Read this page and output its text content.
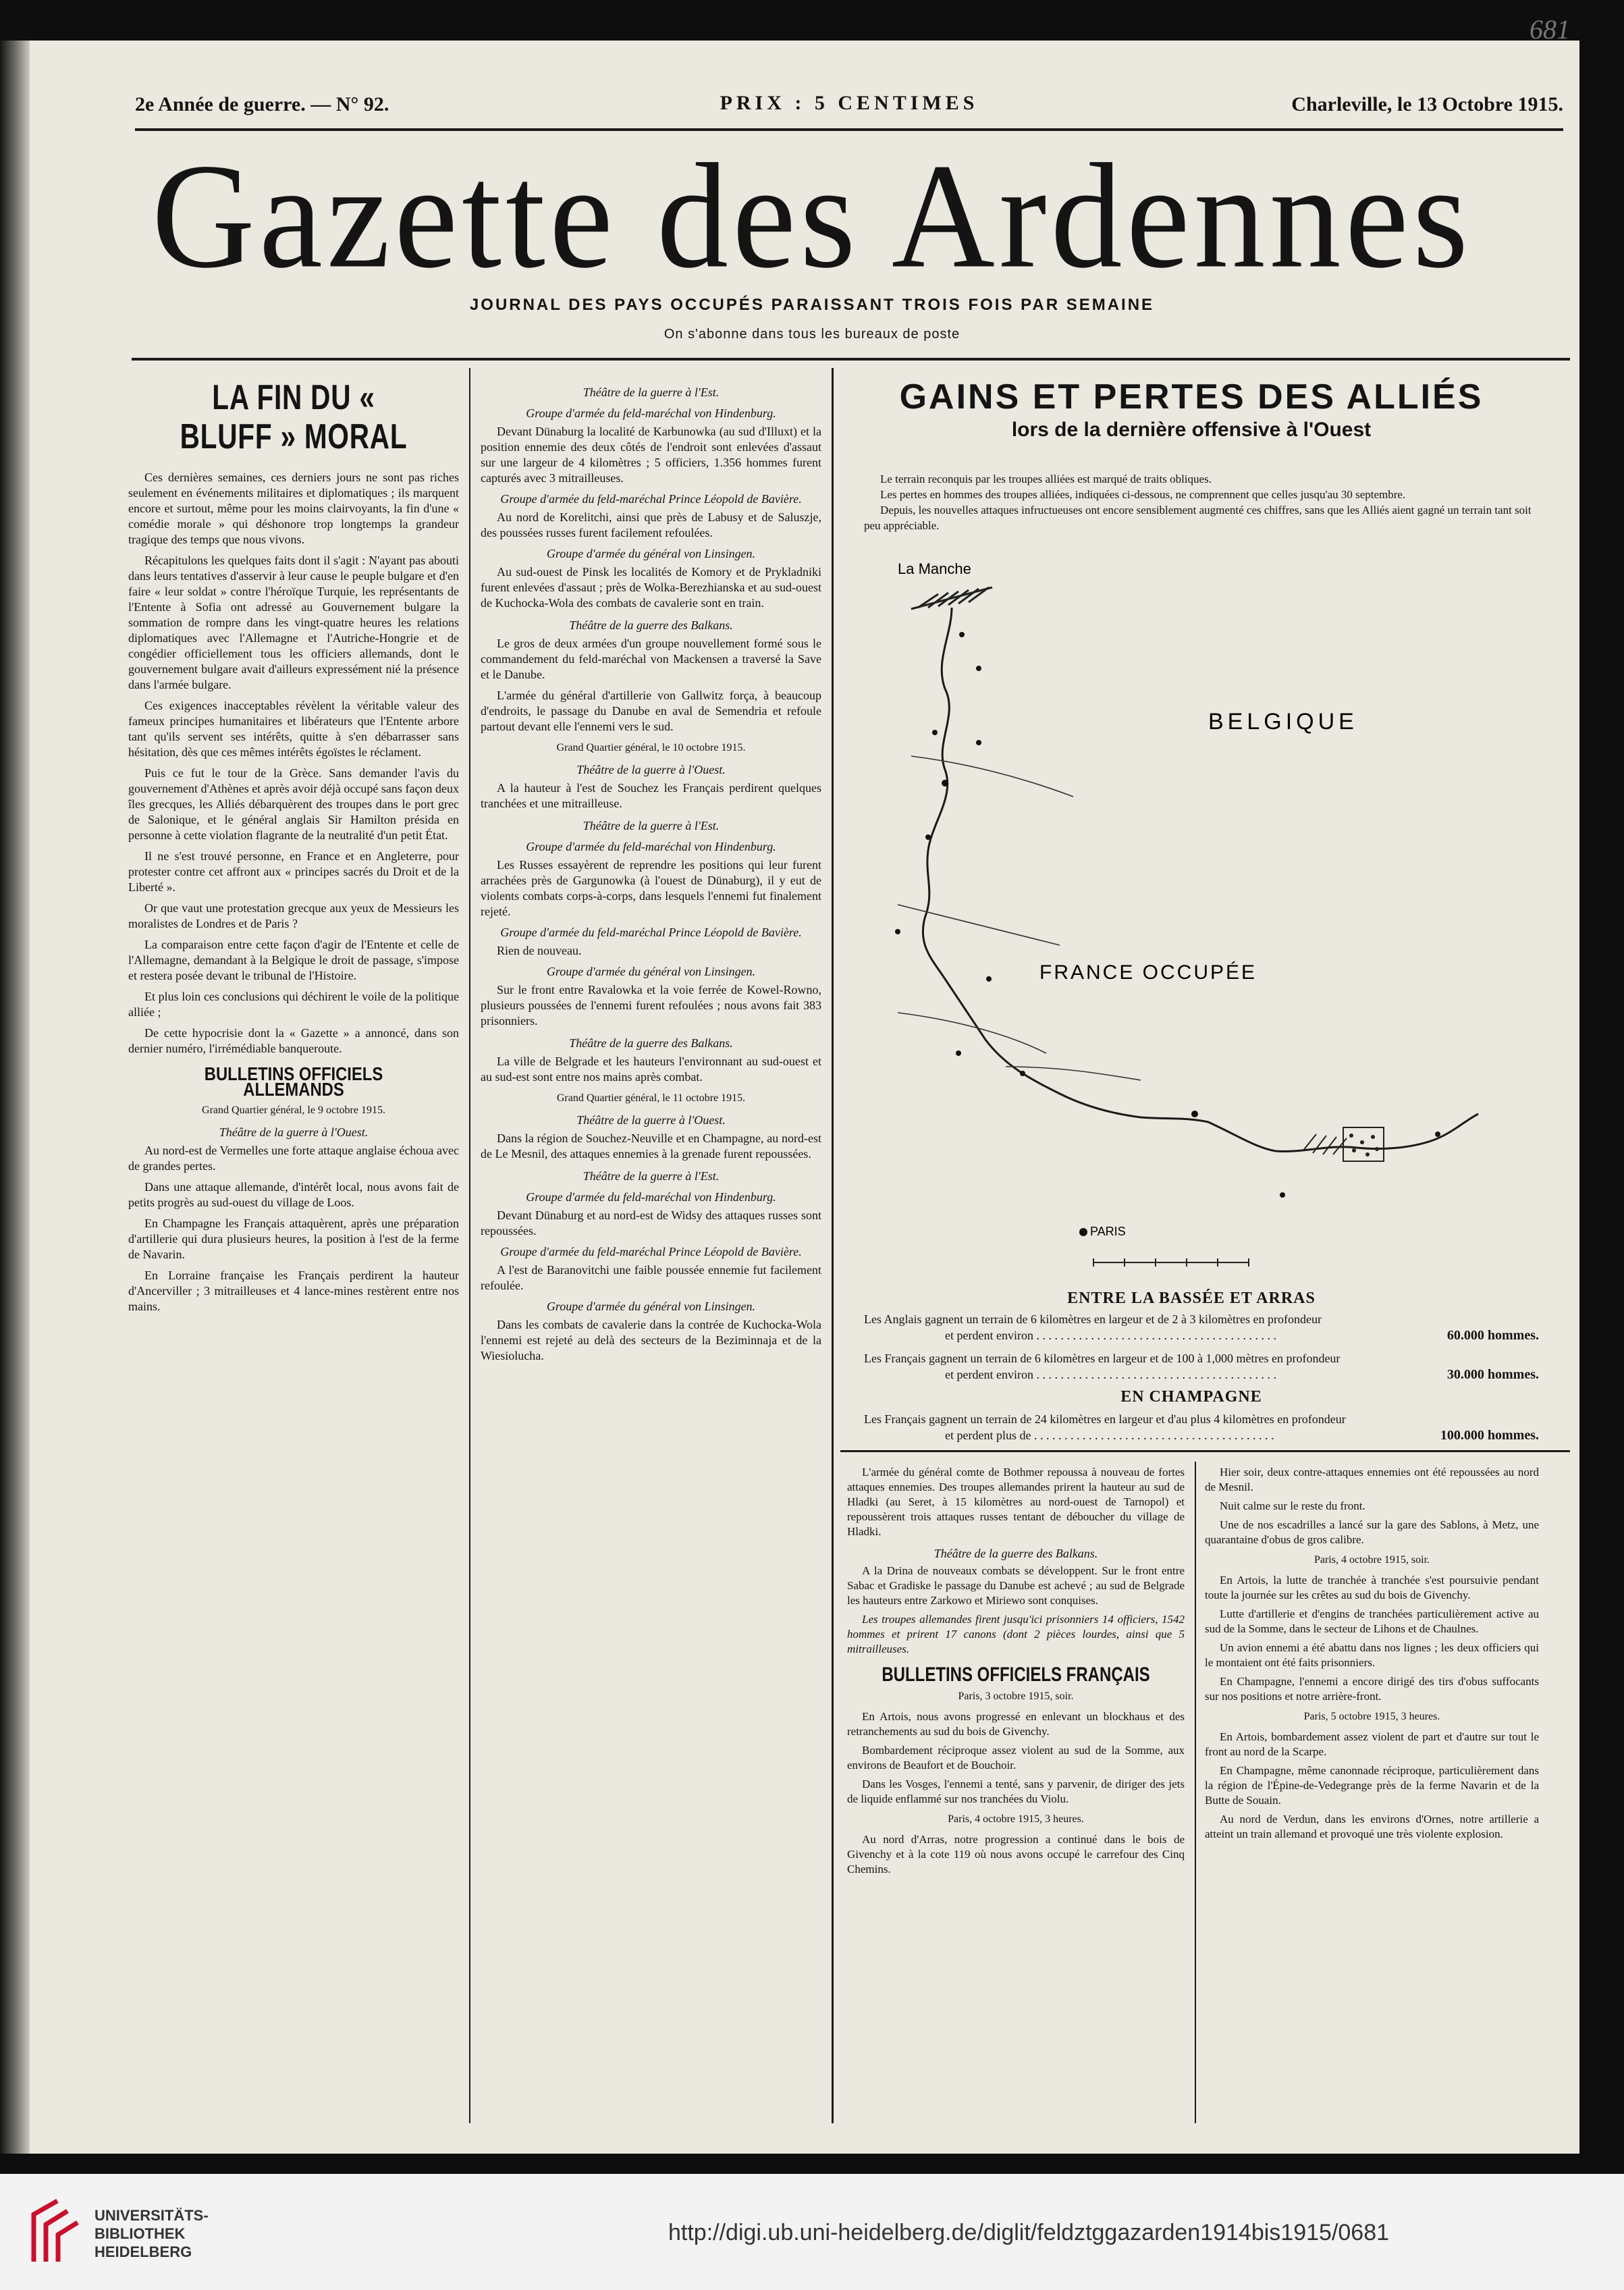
681
2e Année de guerre. — N° 92.	PRIX : 5 CENTIMES	Charleville, le 13 Octobre 1915.
Gazette des Ardennes
JOURNAL DES PAYS OCCUPÉS PARAISSANT TROIS FOIS PAR SEMAINE
On s'abonne dans tous les bureaux de poste
LA FIN DU « BLUFF » MORAL

Ces dernières semaines, ces derniers jours ne sont pas riches seulement en événements militaires et diplomatiques ; ils marquent encore et surtout, même pour les moins clairvoyants, la fin d'une « comédie morale » qui déshonore trop longtemps la grandeur tragique des temps que nous vivons.

Récapitulons les quelques faits dont il s'agit : N'ayant pas abouti dans leurs tentatives d'asservir à leur cause le peuple bulgare et d'en faire « leur soldat » contre l'héroïque Turquie, les représentants de l'Entente à Sofia ont adressé au Gouvernement bulgare la sommation de rompre dans les vingt-quatre heures les relations diplomatiques avec l'Allemagne et l'Autriche-Hongrie et de congédier officiellement tous les officiers allemands, dont le gouvernement bulgare avait d'ailleurs expressément nié la présence dans l'armée bulgare.

Ces exigences inacceptables révèlent la véritable valeur des fameux principes humanitaires et libérateurs que l'Entente arbore tant qu'ils servent ses intérêts, quitte à s'en débarrasser sans hésitation, dès que ces mêmes intérêts égoïstes le réclament.

Puis ce fut le tour de la Grèce. Sans demander l'avis du gouvernement d'Athènes et après avoir déjà occupé sans façon deux îles grecques, les Alliés débarquèrent des troupes dans le port grec de Salonique, et le général anglais Sir Hamilton présida en personne à cette violation flagrante de la neutralité d'un petit État.

Il ne s'est trouvé personne, en France et en Angleterre, pour protester contre cet affront aux « principes sacrés du Droit et de la Liberté ».

Or que vaut une protestation grecque aux yeux de Messieurs les moralistes de Londres et de Paris ?

La comparaison entre cette façon d'agir de l'Entente et celle de l'Allemagne, demandant à la Belgique le droit de passage, s'impose et restera posée devant le tribunal de l'Histoire.

Et plus loin ces conclusions qui déchirent le voile de la politique alliée ;

De cette hypocrisie dont la « Gazette » a annoncé, dans son dernier numéro, l'irrémédiable banqueroute.

BULLETINS OFFICIELS ALLEMANDS
Grand Quartier général, le 9 octobre 1915.
Théâtre de la guerre à l'Ouest.

Au nord-est de Vermelles une forte attaque anglaise échoua avec de grandes pertes.

Dans une attaque allemande, d'intérêt local, nous avons fait de petits progrès au sud-ouest du village de Loos.

En Champagne les Français attaquèrent, après une préparation d'artillerie qui dura plusieurs heures, la position à l'est de la ferme de Navarin.

En Lorraine française les Français perdirent la hauteur d'Ancerviller ; 3 mitrailleuses et 4 lance-mines restèrent entre nos mains.

Théâtre de la guerre à l'Est.
Groupe d'armée du feld-maréchal von Hindenburg.

Devant Dünaburg la localité de Karbunowka (au sud d'Illuxt) et la position ennemie des deux côtés de l'endroit sont enlevées d'assaut sur une largeur de 4 kilomètres ; 5 officiers, 1.356 hommes furent capturés avec 3 mitrailleuses.

Groupe d'armée du feld-maréchal Prince Léopold de Bavière.

Au nord de Korelitchi, ainsi que près de Labusy et de Saluszje, des poussées russes furent facilement refoulées.

Groupe d'armée du général von Linsingen.

Au sud-ouest de Pinsk les localités de Komory et de Prykladniki furent enlevées d'assaut ; près de Wolka-Berezhianska et au sud-ouest de Kuchocka-Wola des combats de cavalerie sont en train.

Théâtre de la guerre des Balkans.

Le gros de deux armées d'un groupe nouvellement formé sous le commandement du feld-maréchal von Mackensen a traversé la Save et le Danube.

L'armée du général d'artillerie von Gallwitz força, à beaucoup d'endroits, le passage du Danube en aval de Semendria et refoule partout devant elle l'ennemi vers le sud.

Grand Quartier général, le 10 octobre 1915.
Théâtre de la guerre à l'Ouest.

A la hauteur à l'est de Souchez les Français perdirent quelques tranchées et une mitrailleuse.

Théâtre de la guerre à l'Est.
Groupe d'armée du feld-maréchal von Hindenburg.

Les Russes essayèrent de reprendre les positions qui leur furent arrachées près de Gargunowka (à l'ouest de Dünaburg), il y eut de violents combats corps-à-corps, dans lesquels l'ennemi fut finalement rejeté.

Groupe d'armée du feld-maréchal Prince Léopold de Bavière.

Rien de nouveau.

Groupe d'armée du général von Linsingen.

Sur le front entre Ravalowka et la voie ferrée de Kowel-Rowno, plusieurs poussées de l'ennemi furent refoulées ; nous avons fait 383 prisonniers.

Théâtre de la guerre des Balkans.

La ville de Belgrade et les hauteurs l'environnant au sud-ouest et au sud-est sont entre nos mains après combat.

Grand Quartier général, le 11 octobre 1915.
Théâtre de la guerre à l'Ouest.

Dans la région de Souchez-Neuville et en Champagne, au nord-est de Le Mesnil, des attaques ennemies à la grenade furent repoussées.

Théâtre de la guerre à l'Est.
Groupe d'armée du feld-maréchal von Hindenburg.

Devant Dünaburg et au nord-est de Widsy des attaques russes sont repoussées.

Groupe d'armée du feld-maréchal Prince Léopold de Bavière.

A l'est de Baranovitchi une faible poussée ennemie fut facilement refoulée.

Groupe d'armée du général von Linsingen.

Dans les combats de cavalerie dans la contrée de Kuchocka-Wola l'ennemi est rejeté au delà des secteurs de la Beziminnaja et de la Wiesiolucha.

GAINS ET PERTES DES ALLIÉS
lors de la dernière offensive à l'Ouest

Le terrain reconquis par les troupes alliées est marqué de traits obliques.

Les pertes en hommes des troupes alliées, indiquées ci-dessous, ne comprennent que celles jusqu'au 30 septembre.

Depuis, les nouvelles attaques infructueuses ont encore sensiblement augmenté ces chiffres, sans que les Alliés aient gagné un terrain tant soit peu appréciable.

La Manche
BELGIQUE
FRANCE OCCUPÉE
PARIS
ENTRE LA BASSÉE ET ARRAS
Les Anglais gagnent un terrain de 6 kilomètres en largeur et de 2 à 3 kilomètres en profondeur
et perdent environ . . . . . . . . . . . . . . . . . . . . . . . . . . . . . . . . . . . . . . . .	60.000 hommes.
Les Français gagnent un terrain de 6 kilomètres en largeur et de 100 à 1,000 mètres en profondeur
et perdent environ . . . . . . . . . . . . . . . . . . . . . . . . . . . . . . . . . . . . . . . .	30.000 hommes.
EN CHAMPAGNE
Les Français gagnent un terrain de 24 kilomètres en largeur et d'au plus 4 kilomètres en profondeur
et perdent plus de . . . . . . . . . . . . . . . . . . . . . . . . . . . . . . . . . . . . . . . .	100.000 hommes.

L'armée du général comte de Bothmer repoussa à nouveau de fortes attaques ennemies. Des troupes allemandes prirent la hauteur au sud de Hladki (au Seret, à 15 kilomètres au nord-ouest de Tarnopol) et repoussèrent trois attaques russes tentant de déboucher du village de Hladki.

Théâtre de la guerre des Balkans.

A la Drina de nouveaux combats se développent. Sur le front entre Sabac et Gradiske le passage du Danube est achevé ; au sud de Belgrade les hauteurs entre Zarkowo et Miriewo sont conquises.

Les troupes allemandes firent jusqu'ici prisonniers 14 officiers, 1542 hommes et prirent 17 canons (dont 2 pièces lourdes, ainsi que 5 mitrailleuses.

BULLETINS OFFICIELS FRANÇAIS
Paris, 3 octobre 1915, soir.

En Artois, nous avons progressé en enlevant un blockhaus et des retranchements au sud du bois de Givenchy.

Bombardement réciproque assez violent au sud de la Somme, aux environs de Beaufort et de Bouchoir.

Dans les Vosges, l'ennemi a tenté, sans y parvenir, de diriger des jets de liquide enflammé sur nos tranchées du Violu.

Paris, 4 octobre 1915, 3 heures.

Au nord d'Arras, notre progression a continué dans le bois de Givenchy et à la cote 119 où nous avons occupé le carrefour des Cinq Chemins.

Hier soir, deux contre-attaques ennemies ont été repoussées au nord de Mesnil.

Nuit calme sur le reste du front.

Une de nos escadrilles a lancé sur la gare des Sablons, à Metz, une quarantaine d'obus de gros calibre.

Paris, 4 octobre 1915, soir.

En Artois, la lutte de tranchée à tranchée s'est poursuivie pendant toute la journée sur les crêtes au sud du bois de Givenchy.

Lutte d'artillerie et d'engins de tranchées particulièrement active au sud de la Somme, dans le secteur de Lihons et de Chaulnes.

Un avion ennemi a été abattu dans nos lignes ; les deux officiers qui le montaient ont été faits prisonniers.

En Champagne, l'ennemi a encore dirigé des tirs d'obus suffocants sur nos positions et notre arrière-front.

Paris, 5 octobre 1915, 3 heures.

En Artois, bombardement assez violent de part et d'autre sur tout le front au nord de la Scarpe.

En Champagne, même canonnade réciproque, particulièrement dans la région de l'Épine-de-Vedegrange près de la ferme Navarin et de la Butte de Souain.

Au nord de Verdun, dans les environs d'Ornes, notre artillerie a atteint un train allemand et provoqué une très violente explosion.

UNIVERSITÄTS-
BIBLIOTHEK
HEIDELBERG
http://digi.ub.uni-heidelberg.de/diglit/feldztggazarden1914bis1915/0681
